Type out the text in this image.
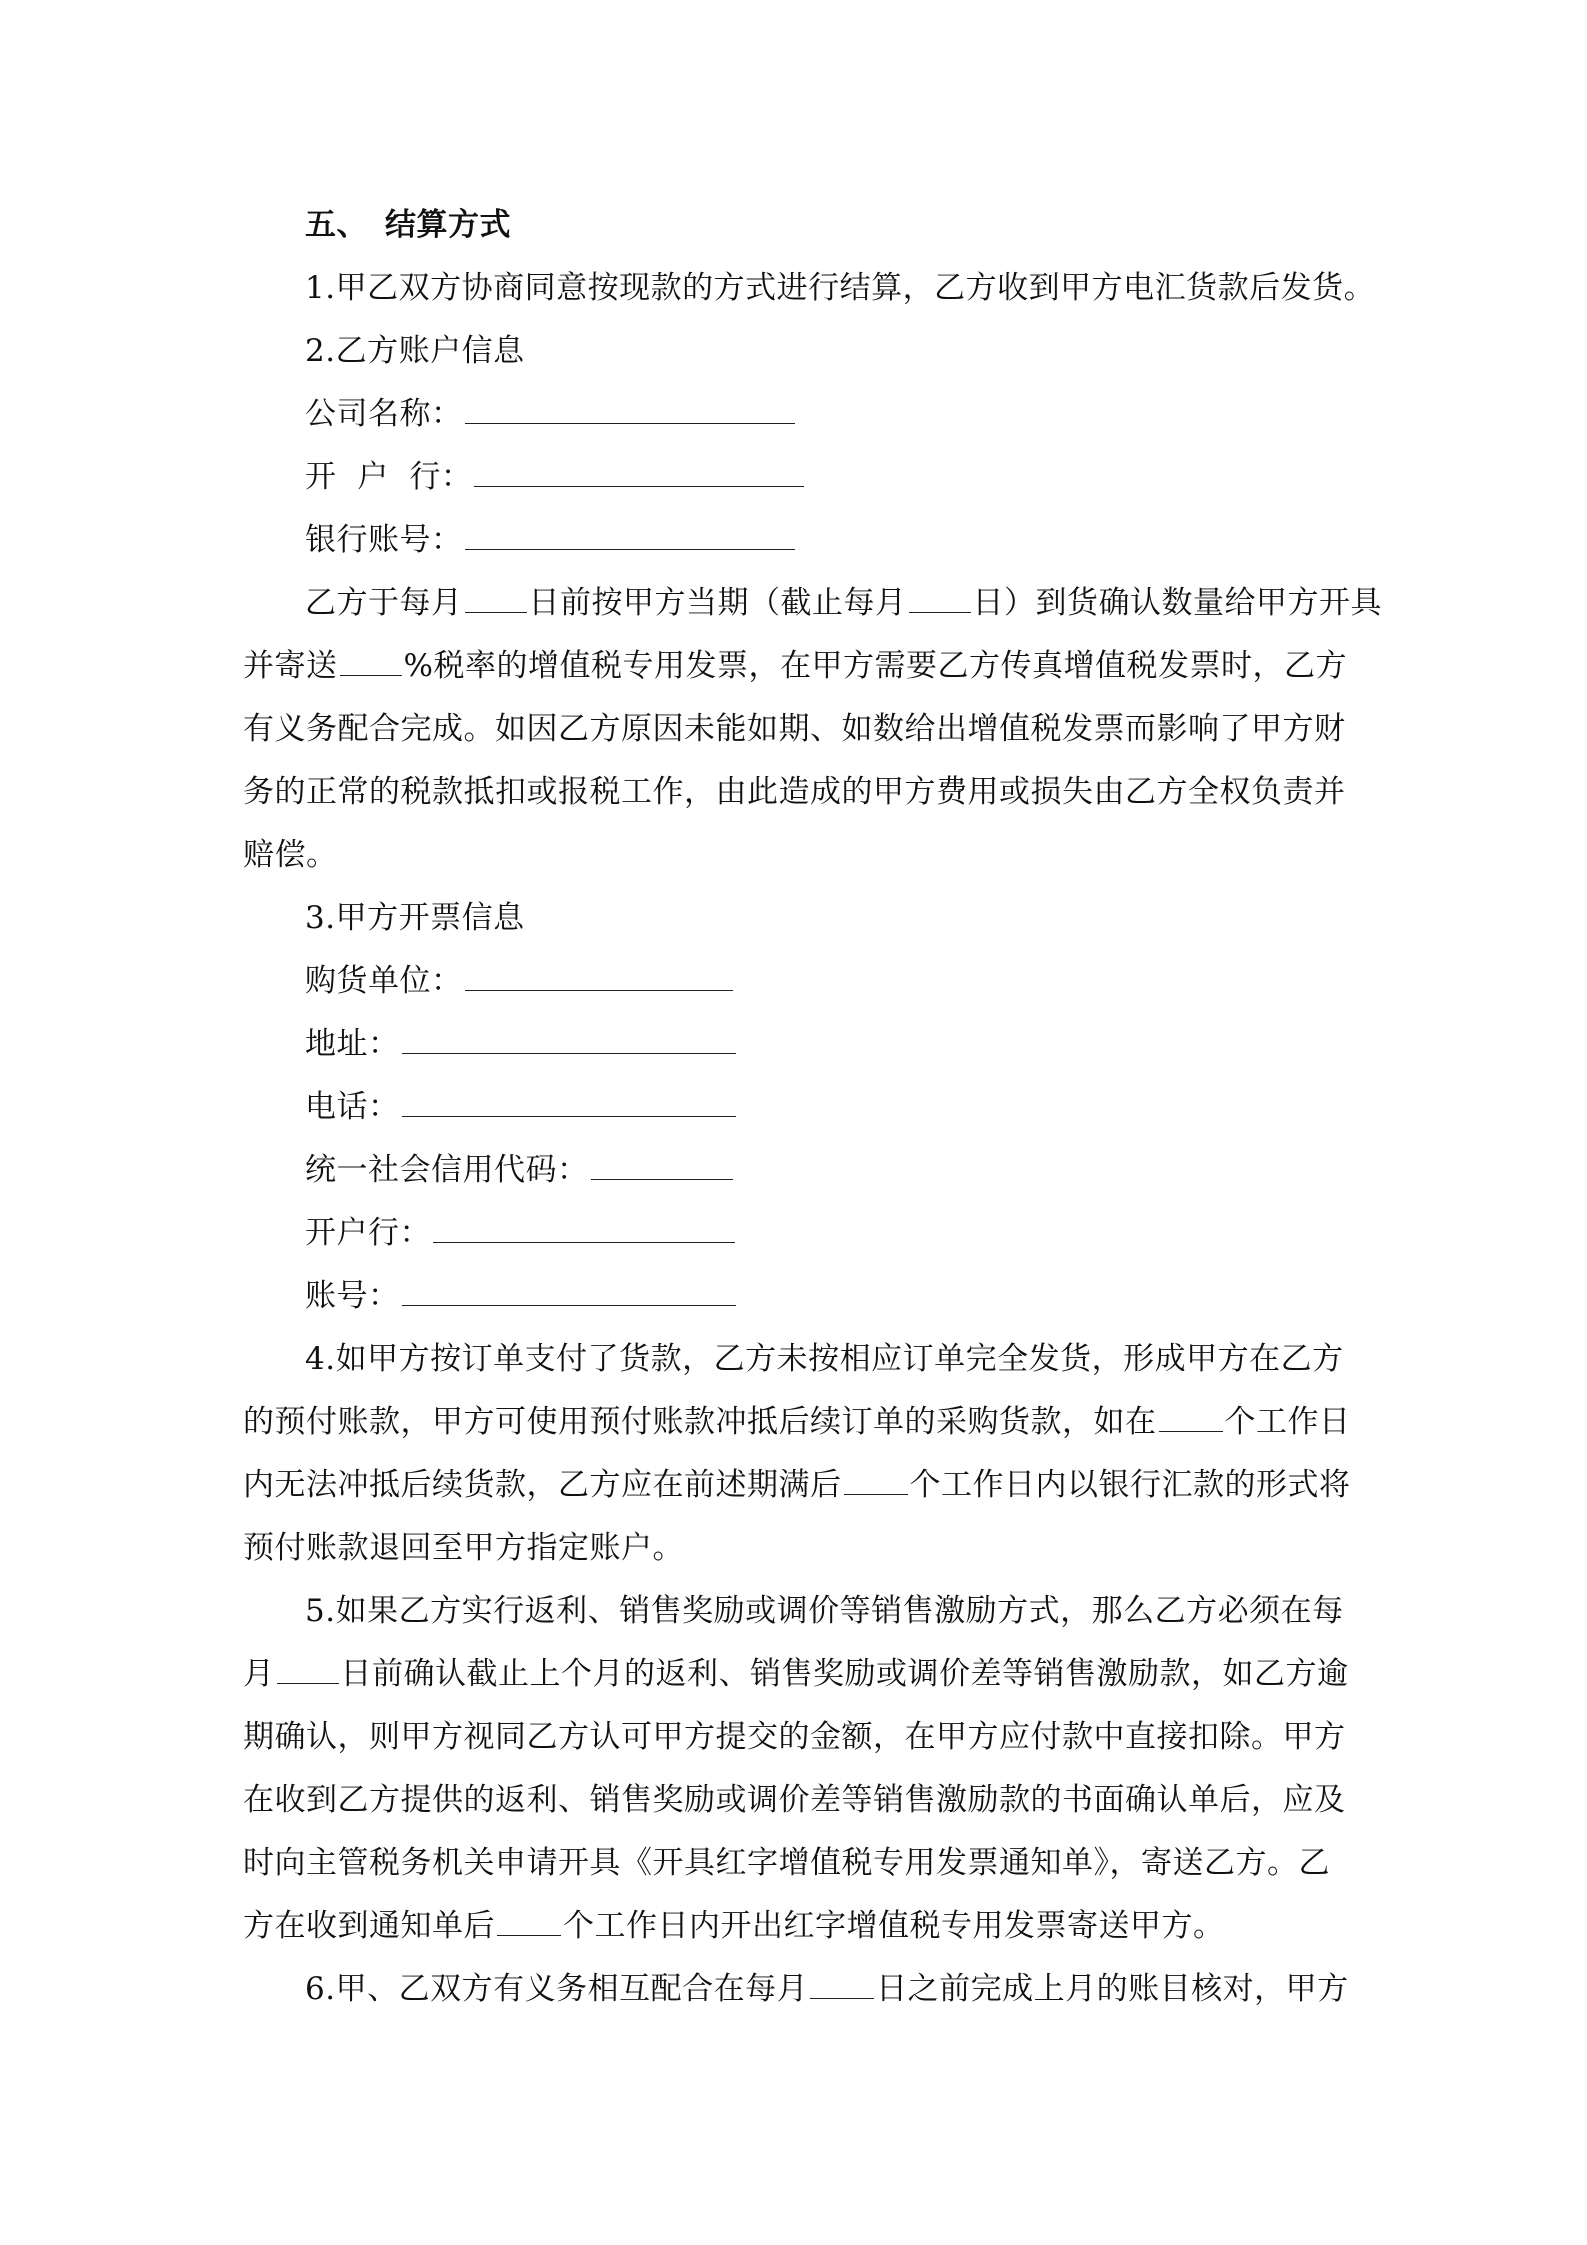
五、 结算方式
1.甲乙双方协商同意按现款的方式进行结算，乙方收到甲方电汇货款后发货。
2.乙方账户信息
公司名称：
开  户  行：
银行账号：
乙方于每月 日前按甲方当期（截止每月 日）到货确认数量给甲方开具
并寄送 %税率的增值税专用发票，在甲方需要乙方传真增值税发票时，乙方
有义务配合完成。如因乙方原因未能如期、如数给出增值税发票而影响了甲方财
务的正常的税款抵扣或报税工作，由此造成的甲方费用或损失由乙方全权负责并
赔偿。
3.甲方开票信息
购货单位：
地址：
电话：
统一社会信用代码：
开户行：
账号：
4.如甲方按订单支付了货款，乙方未按相应订单完全发货，形成甲方在乙方
的预付账款，甲方可使用预付账款冲抵后续订单的采购货款，如在 个工作日
内无法冲抵后续货款，乙方应在前述期满后 个工作日内以银行汇款的形式将
预付账款退回至甲方指定账户。
5.如果乙方实行返利、销售奖励或调价等销售激励方式，那么乙方必须在每
月 日前确认截止上个月的返利、销售奖励或调价差等销售激励款，如乙方逾
期确认，则甲方视同乙方认可甲方提交的金额，在甲方应付款中直接扣除。甲方
在收到乙方提供的返利、销售奖励或调价差等销售激励款的书面确认单后，应及
时向主管税务机关申请开具《开具红字增值税专用发票通知单》，寄送乙方。乙
方在收到通知单后 个工作日内开出红字增值税专用发票寄送甲方。
6.甲、乙双方有义务相互配合在每月 日之前完成上月的账目核对，甲方
